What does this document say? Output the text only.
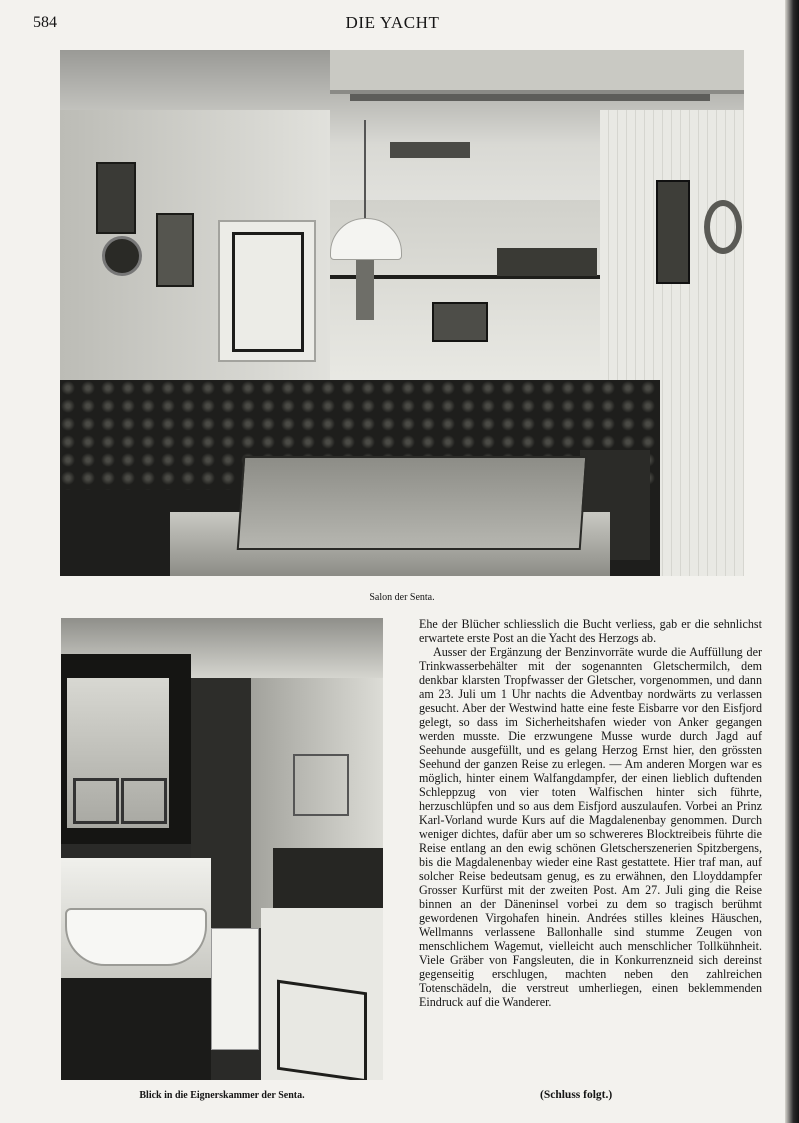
584	DIE YACHT
Salon der Senta.
Blick in die Eignerskammer der Senta.

Ehe der Blücher schliesslich die Bucht verliess, gab er die sehnlichst erwartete erste Post an die Yacht des Herzogs ab.

Ausser der Ergänzung der Benzinvorräte wurde die Auffüllung der Trinkwasserbehälter mit der sogenannten Gletschermilch, dem denkbar klarsten Tropfwasser der Gletscher, vorgenommen, und dann am 23. Juli um 1 Uhr nachts die Adventbay nordwärts zu verlassen gesucht. Aber der Westwind hatte eine feste Eisbarre vor den Eisfjord gelegt, so dass im Sicherheitshafen wieder von Anker gegangen werden musste. Die erzwungene Musse wurde durch Jagd auf Seehunde ausgefüllt, und es gelang Herzog Ernst hier, den grössten Seehund der ganzen Reise zu erlegen. — Am anderen Morgen war es möglich, hinter einem Walfangdampfer, der einen lieblich duftenden Schleppzug von vier toten Walfischen hinter sich führte, herzuschlüpfen und so aus dem Eisfjord auszulaufen. Vorbei an Prinz Karl-Vorland wurde Kurs auf die Magdalenenbay genommen. Durch weniger dichtes, dafür aber um so schwereres Blocktreibeis führte die Reise entlang an den ewig schönen Gletscherszenerien Spitzbergens, bis die Magdalenenbay wieder eine Rast gestattete. Hier traf man, auf solcher Reise bedeutsam genug, es zu erwähnen, den Lloyddampfer Grosser Kurfürst mit der zweiten Post. Am 27. Juli ging die Reise binnen an der Däneninsel vorbei zu dem so tragisch berühmt gewordenen Virgohafen hinein. Andrées stilles kleines Häuschen, Wellmanns verlassene Ballonhalle sind stumme Zeugen von menschlichem Wagemut, vielleicht auch menschlicher Tollkühnheit. Viele Gräber von Fangsleuten, die in Konkurrenzneid sich dereinst gegenseitig erschlugen, machten neben den zahlreichen Totenschädeln, die verstreut umherliegen, einen beklemmenden Eindruck auf die Wanderer.

(Schluss folgt.)
